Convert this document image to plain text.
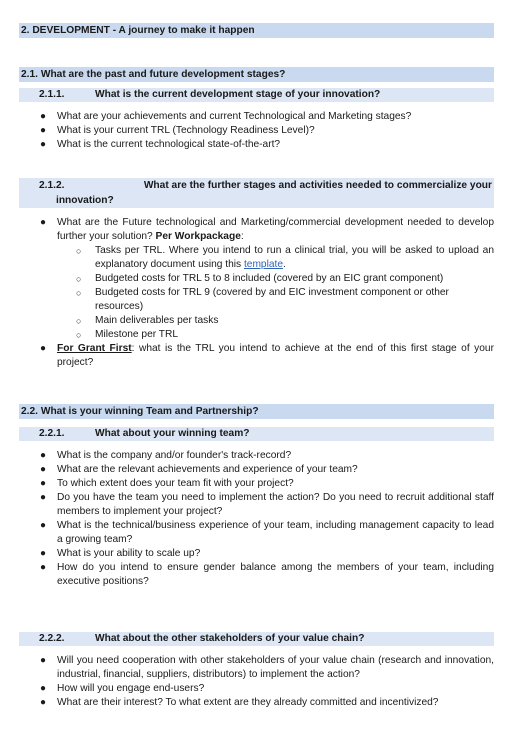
2. DEVELOPMENT - A journey to make it happen
2.1. What are the past and future development stages?
2.1.1.	What is the current development stage of your innovation?
● What are your achievements and current Technological and Marketing stages?
● What is your current TRL (Technology Readiness Level)?
● What is the current technological state-of-the-art?
2.1.2.	What are the further stages and activities needed to commercialize your
innovation?
● What are the Future technological and Marketing/commercial development needed to develop further your solution? Per Workpackage:
○ Tasks per TRL. Where you intend to run a clinical trial, you will be asked to upload an explanatory document using this template.
○ Budgeted costs for TRL 5 to 8 included (covered by an EIC grant component)
○ Budgeted costs for TRL 9 (covered by and EIC investment component or other resources)
○ Main deliverables per tasks
○ Milestone per TRL
● For Grant First: what is the TRL you intend to achieve at the end of this first stage of your project?
2.2. What is your winning Team and Partnership?
2.2.1.	What about your winning team?
● What is the company and/or founder's track-record?
● What are the relevant achievements and experience of your team?
● To which extent does your team fit with your project?
● Do you have the team you need to implement the action? Do you need to recruit additional staff members to implement your project?
● What is the technical/business experience of your team, including management capacity to lead a growing team?
● What is your ability to scale up?
● How do you intend to ensure gender balance among the members of your team, including executive positions?
2.2.2.	What about the other stakeholders of your value chain?
● Will you need cooperation with other stakeholders of your value chain (research and innovation, industrial, financial, suppliers, distributors) to implement the action?
● How will you engage end-users?
● What are their interest? To what extent are they already committed and incentivized?
